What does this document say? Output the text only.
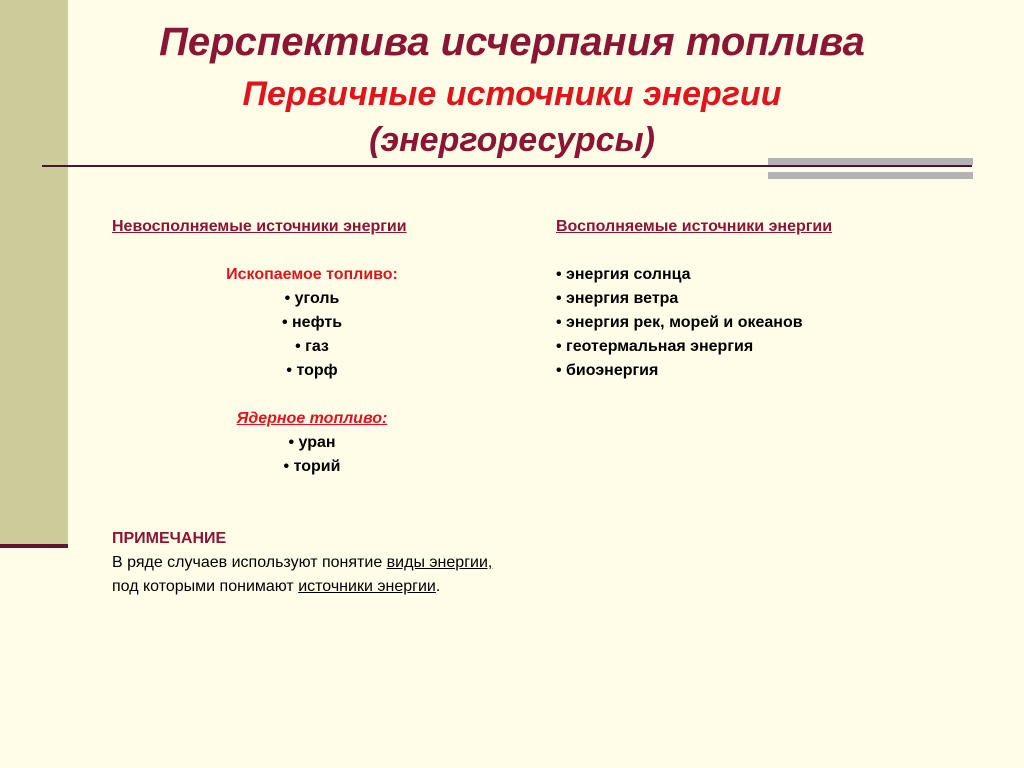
Перспектива исчерпания топлива
Первичные источники энергии
(энергоресурсы)
Невосполняемые источники энергии
Ископаемое топливо:
• уголь
• нефть
• газ
• торф
Ядерное топливо:
• уран
• торий
Восполняемые источники энергии
• энергия солнца
• энергия ветра
• энергия рек, морей и океанов
• геотермальная энергия
• биоэнергия
ПРИМЕЧАНИЕ
В ряде случаев используют понятие виды энергии, под которыми понимают источники энергии.
